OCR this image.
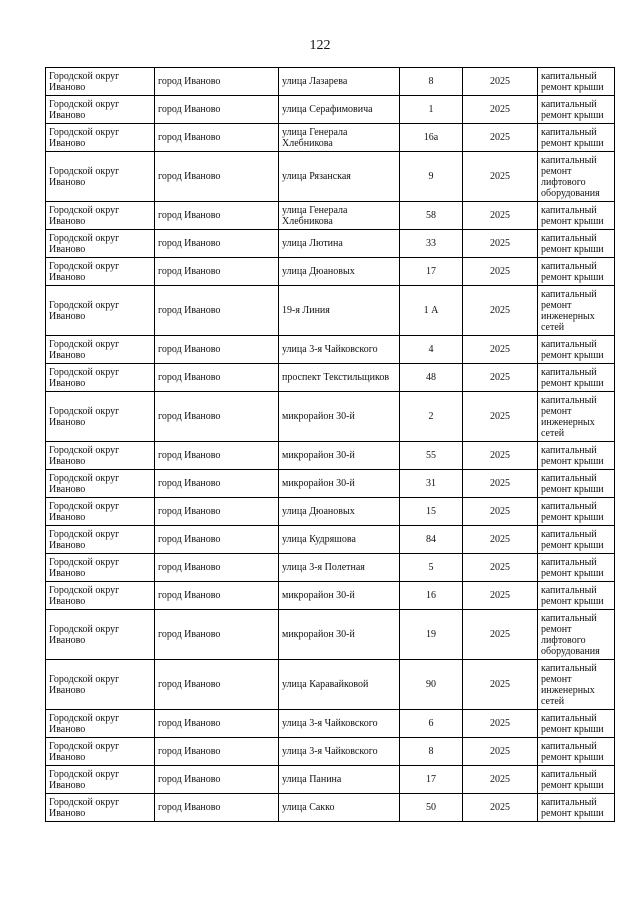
122
Городской округ Иваново	город Иваново	улица Лазарева	8	2025	капитальный ремонт крыши
Городской округ Иваново	город Иваново	улица Серафимовича	1	2025	капитальный ремонт крыши
Городской округ Иваново	город Иваново	улица Генерала Хлебникова	16а	2025	капитальный ремонт крыши
Городской округ Иваново	город Иваново	улица Рязанская	9	2025	капитальный ремонт лифтового оборудования
Городской округ Иваново	город Иваново	улица Генерала Хлебникова	58	2025	капитальный ремонт крыши
Городской округ Иваново	город Иваново	улица Лютина	33	2025	капитальный ремонт крыши
Городской округ Иваново	город Иваново	улица Дюановых	17	2025	капитальный ремонт крыши
Городской округ Иваново	город Иваново	19-я Линия	1 А	2025	капитальный ремонт инженерных сетей
Городской округ Иваново	город Иваново	улица 3-я Чайковского	4	2025	капитальный ремонт крыши
Городской округ Иваново	город Иваново	проспект Текстильщиков	48	2025	капитальный ремонт крыши
Городской округ Иваново	город Иваново	микрорайон 30-й	2	2025	капитальный ремонт инженерных сетей
Городской округ Иваново	город Иваново	микрорайон 30-й	55	2025	капитальный ремонт крыши
Городской округ Иваново	город Иваново	микрорайон 30-й	31	2025	капитальный ремонт крыши
Городской округ Иваново	город Иваново	улица Дюановых	15	2025	капитальный ремонт крыши
Городской округ Иваново	город Иваново	улица Кудряшова	84	2025	капитальный ремонт крыши
Городской округ Иваново	город Иваново	улица 3-я Полетная	5	2025	капитальный ремонт крыши
Городской округ Иваново	город Иваново	микрорайон 30-й	16	2025	капитальный ремонт крыши
Городской округ Иваново	город Иваново	микрорайон 30-й	19	2025	капитальный ремонт лифтового оборудования
Городской округ Иваново	город Иваново	улица Каравайковой	90	2025	капитальный ремонт инженерных сетей
Городской округ Иваново	город Иваново	улица 3-я Чайковского	6	2025	капитальный ремонт крыши
Городской округ Иваново	город Иваново	улица 3-я Чайковского	8	2025	капитальный ремонт крыши
Городской округ Иваново	город Иваново	улица Панина	17	2025	капитальный ремонт крыши
Городской округ Иваново	город Иваново	улица Сакко	50	2025	капитальный ремонт крыши
